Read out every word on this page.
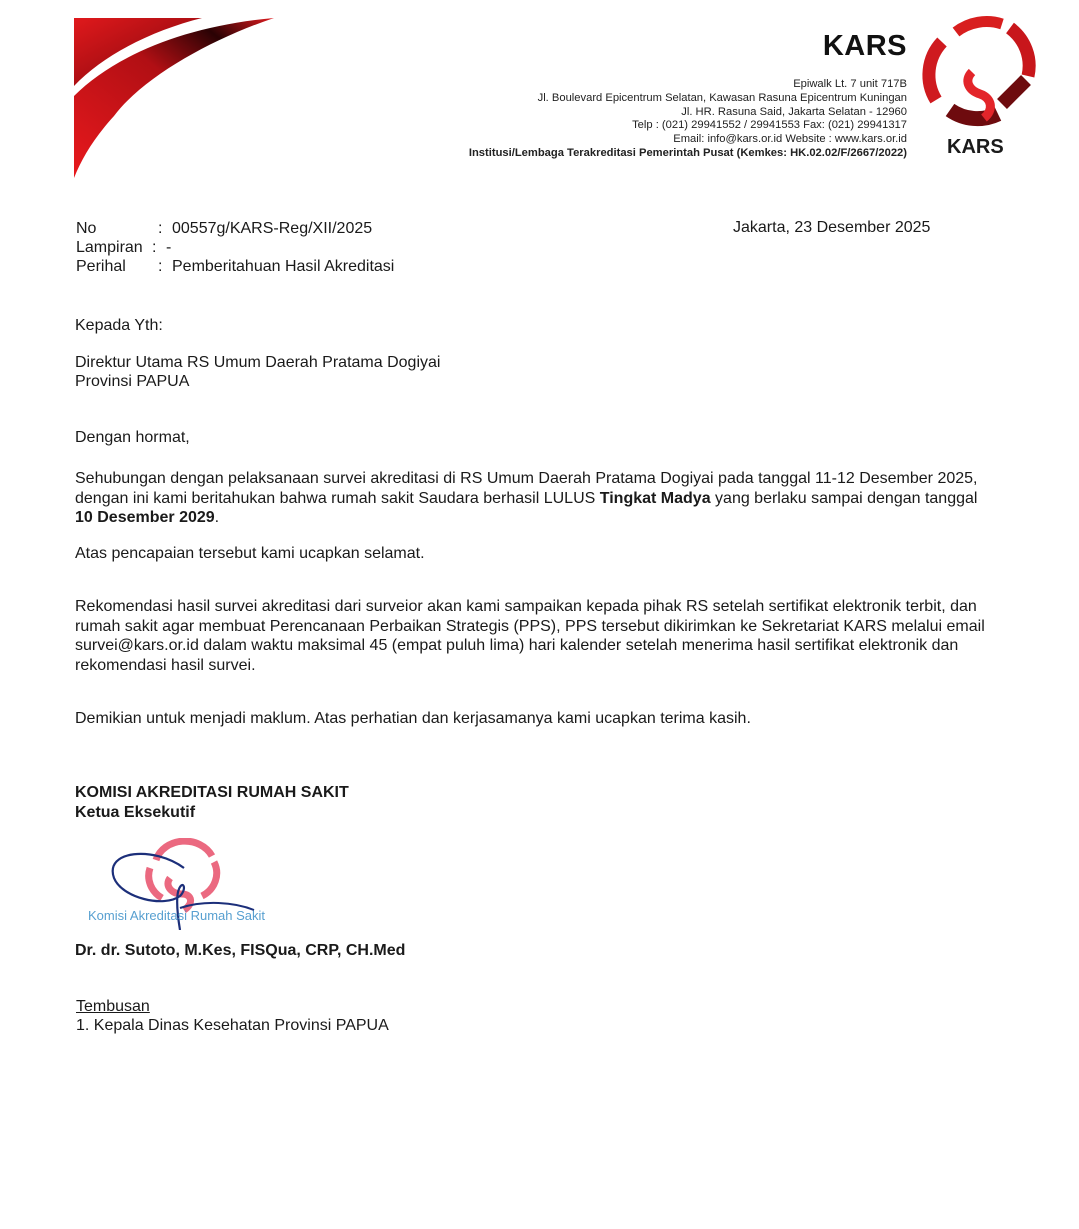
KARS
Epiwalk Lt. 7 unit 717B
Jl. Boulevard Epicentrum Selatan, Kawasan Rasuna Epicentrum Kuningan
Jl. HR. Rasuna Said, Jakarta Selatan - 12960
Telp : (021) 29941552 / 29941553 Fax: (021) 29941317
Email: info@kars.or.id Website : www.kars.or.id
Institusi/Lembaga Terakreditasi Pemerintah Pusat (Kemkes: HK.02.02/F/2667/2022) KARS
No	: 00557g/KARS-Reg/XII/2025
Lampiran : -
Perihal : Pemberitahuan Hasil Akreditasi
Jakarta, 23 Desember 2025
Kepada Yth:
Direktur Utama RS Umum Daerah Pratama Dogiyai
Provinsi PAPUA
Dengan hormat,
Sehubungan dengan pelaksanaan survei akreditasi di RS Umum Daerah Pratama Dogiyai pada tanggal 11-12 Desember 2025, dengan ini kami beritahukan bahwa rumah sakit Saudara berhasil LULUS Tingkat Madya yang berlaku sampai dengan tanggal 10 Desember 2029.
Atas pencapaian tersebut kami ucapkan selamat.
Rekomendasi hasil survei akreditasi dari surveior akan kami sampaikan kepada pihak RS setelah sertifikat elektronik terbit, dan rumah sakit agar membuat Perencanaan Perbaikan Strategis (PPS), PPS tersebut dikirimkan ke Sekretariat KARS melalui email survei@kars.or.id dalam waktu maksimal 45 (empat puluh lima) hari kalender setelah menerima hasil sertifikat elektronik dan rekomendasi hasil survei.
Demikian untuk menjadi maklum. Atas perhatian dan kerjasamanya kami ucapkan terima kasih.
KOMISI AKREDITASI RUMAH SAKIT
Ketua Eksekutif
Komisi Akreditasi Rumah Sakit
Dr. dr. Sutoto, M.Kes, FISQua, CRP, CH.Med
Tembusan
1. Kepala Dinas Kesehatan Provinsi PAPUA
